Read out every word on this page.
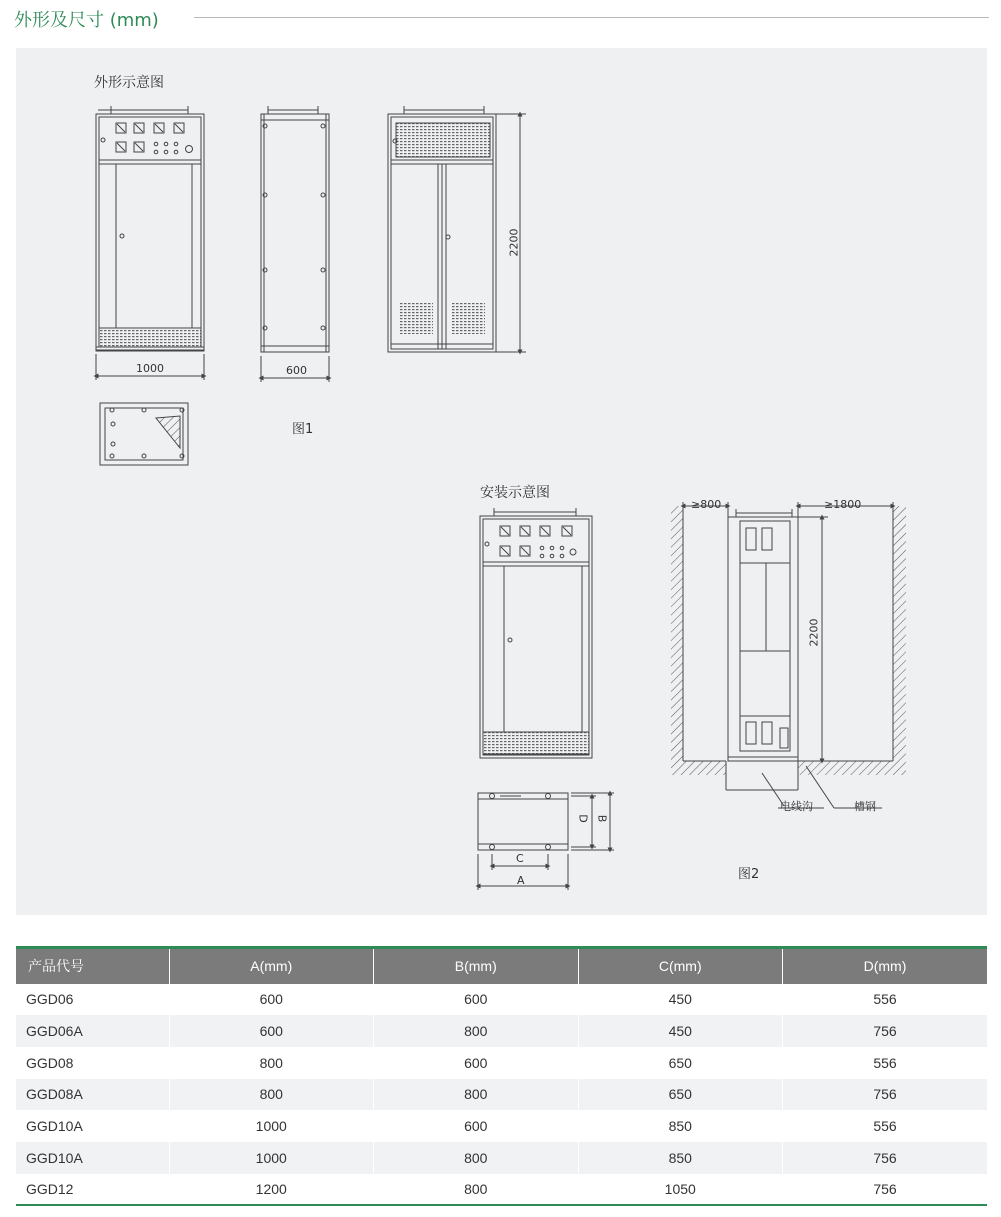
外形及尺寸 (mm)
外形示意图
1000	600
2200
图1
安装示意图
D B
C
A
≥800	≥1800
2200
电线沟	槽钢
图2
产品代号	A(mm)	B(mm)	C(mm)	D(mm)
GGD06	600	600	450	556
GGD06A	600	800	450	756
GGD08	800	600	650	556
GGD08A	800	800	650	756
GGD10A	1000	600	850	556
GGD10A	1000	800	850	756
GGD12	1200	800	1050	756
